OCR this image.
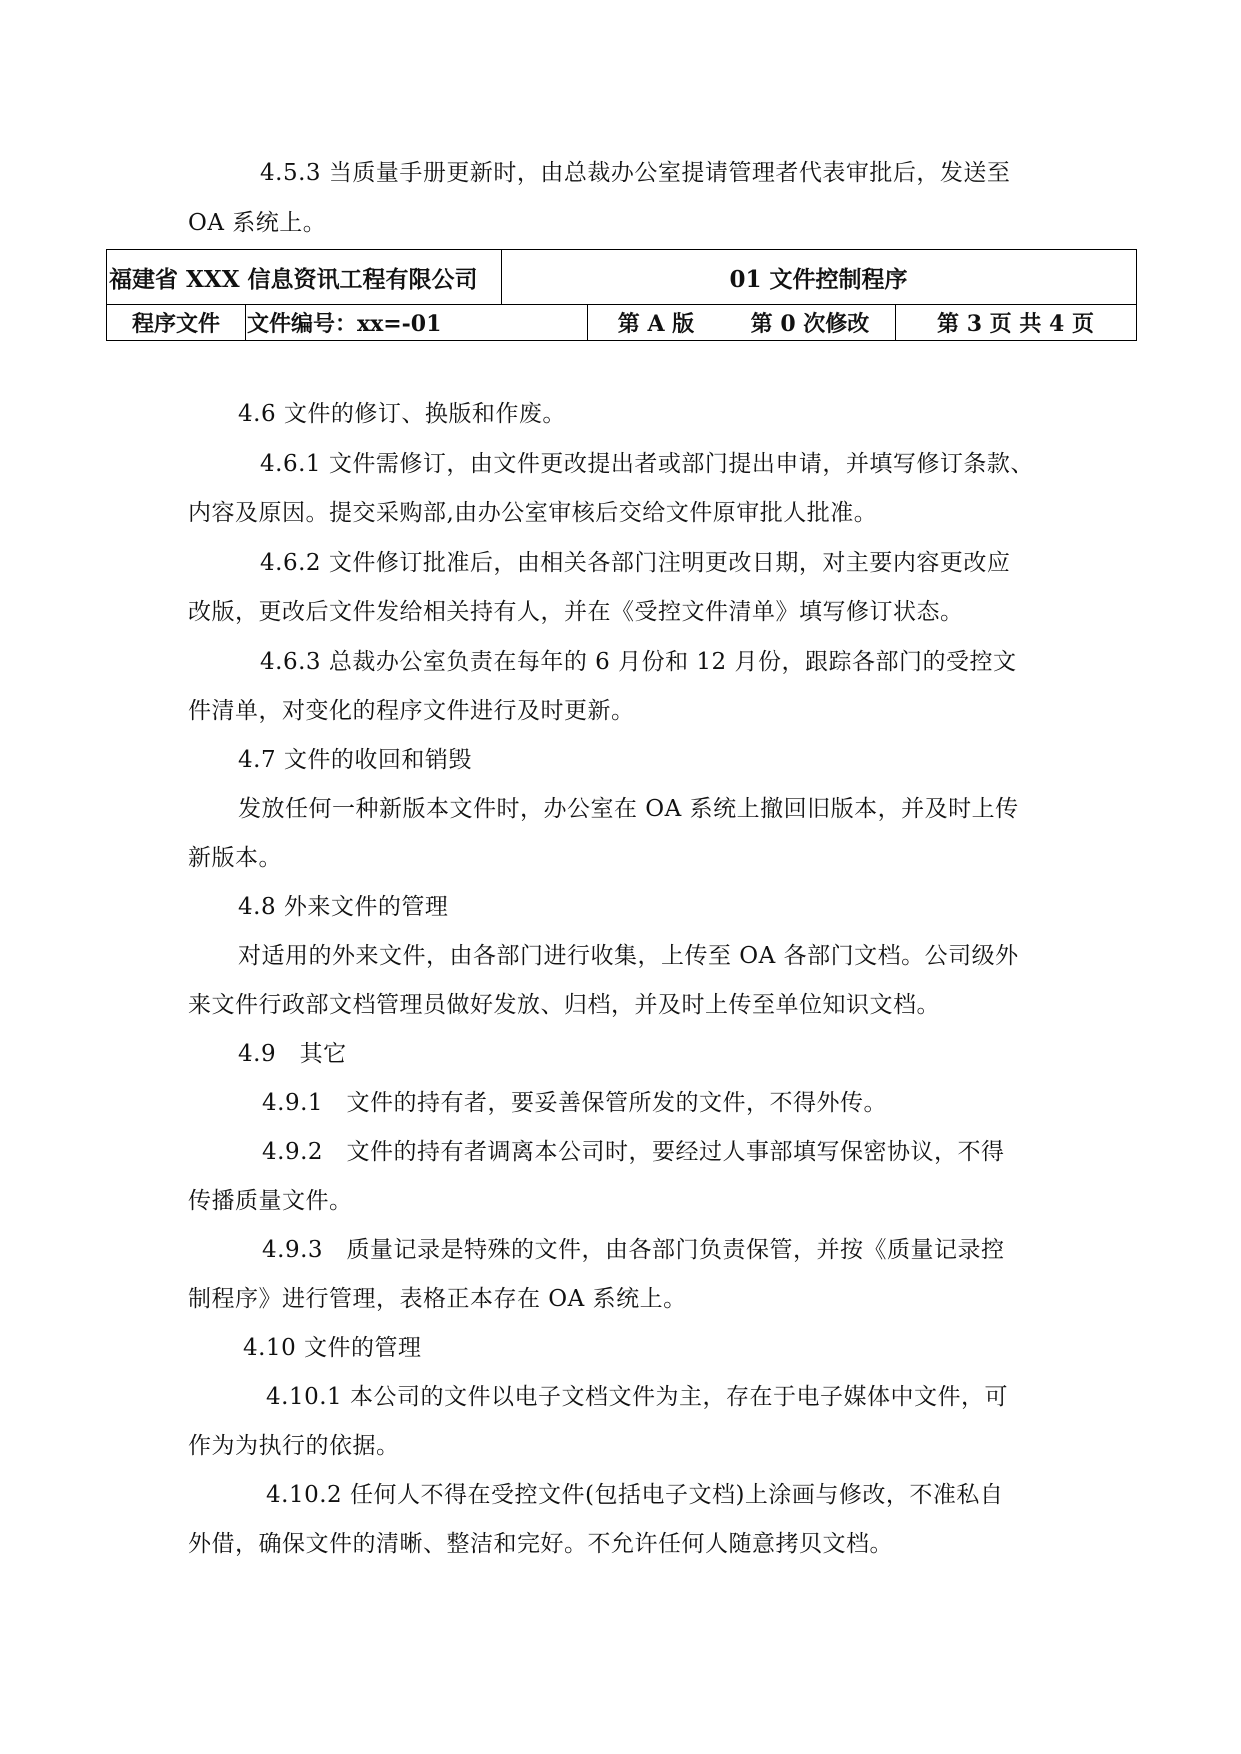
4.5.3 当质量手册更新时，由总裁办公室提请管理者代表审批后，发送至
OA 系统上。
福建省 XXX 信息资讯工程有限公司	01 文件控制程序
程序文件	文件编号：xx=-01	第 A 版	第 0 次修改	第 3 页 共 4 页
4.6 文件的修订、换版和作废。
4.6.1 文件需修订，由文件更改提出者或部门提出申请，并填写修订条款、
内容及原因。提交采购部,由办公室审核后交给文件原审批人批准。
4.6.2 文件修订批准后，由相关各部门注明更改日期，对主要内容更改应
改版，更改后文件发给相关持有人，并在《受控文件清单》填写修订状态。
4.6.3 总裁办公室负责在每年的 6 月份和 12 月份，跟踪各部门的受控文
件清单，对变化的程序文件进行及时更新。
4.7 文件的收回和销毁
发放任何一种新版本文件时，办公室在 OA 系统上撤回旧版本，并及时上传
新版本。
4.8 外来文件的管理
对适用的外来文件，由各部门进行收集，上传至 OA 各部门文档。公司级外
来文件行政部文档管理员做好发放、归档，并及时上传至单位知识文档。
4.9　其它
4.9.1　文件的持有者，要妥善保管所发的文件，不得外传。
4.9.2　文件的持有者调离本公司时，要经过人事部填写保密协议，不得
传播质量文件。
4.9.3　质量记录是特殊的文件，由各部门负责保管，并按《质量记录控
制程序》进行管理，表格正本存在 OA 系统上。
4.10 文件的管理
4.10.1 本公司的文件以电子文档文件为主，存在于电子媒体中文件，可
作为为执行的依据。
4.10.2 任何人不得在受控文件(包括电子文档)上涂画与修改，不准私自
外借，确保文件的清晰、整洁和完好。不允许任何人随意拷贝文档。
